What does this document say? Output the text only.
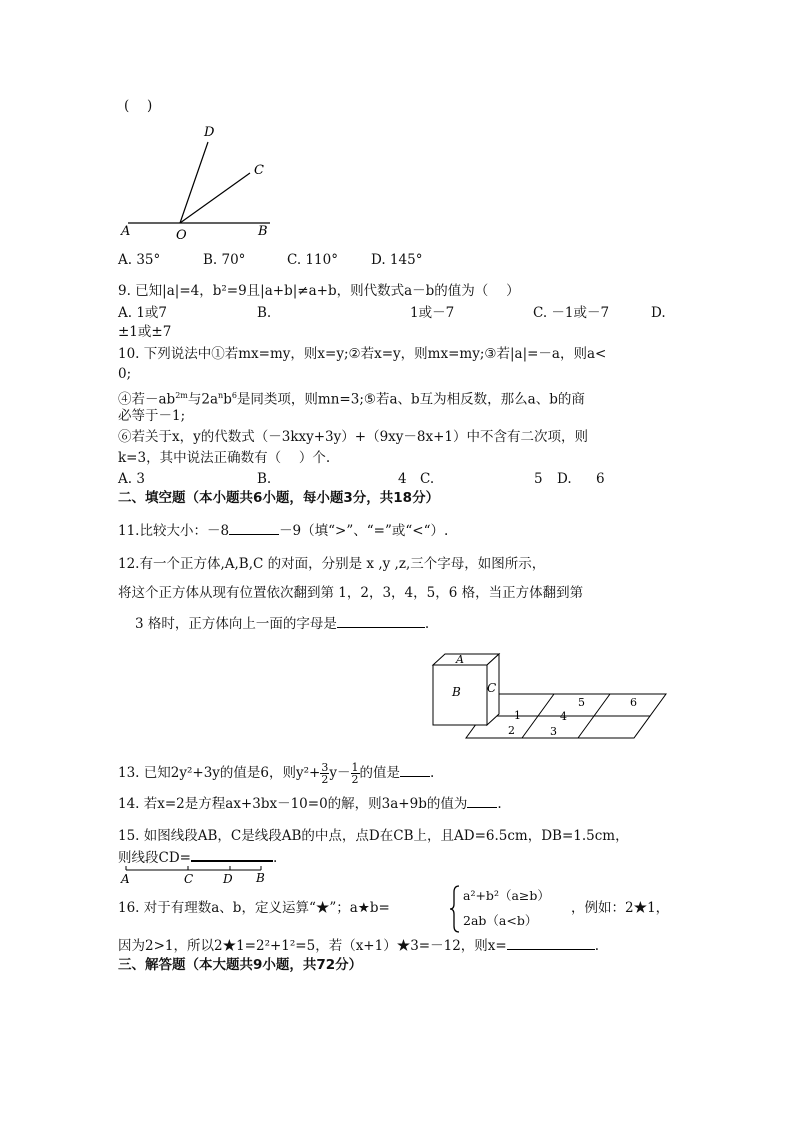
(　 )
D
C
A	O	B
A. 35°	B. 70°	C. 110° D. 145°
9. 已知|a|=4，b²=9且|a+b|≠a+b，则代数式a－b的值为（　 ）
A. 1或7	B.	1或－7	C. －1或－7	D.
±1或±7
10. 下列说法中①若mx=my，则x=y;②若x=y，则mx=my;③若|a|=－a，则a<
0;
④若$-ab^{2m}$与$2a^nb^6$是同类项，则mn=3;⑤若a、b互为相反数，那么a、b的商
必等于－1;
⑥若关于x，y的代数式（－3kxy+3y）+（9xy－8x+1）中不含有二次项，则
k=3，其中说法正确数有（　 ）个.
A. 3	B.	4 C.	5 D. 6
二、填空题（本小题共6小题，每小题3分，共18分）
11.比较大小：－8	－9（填“>”、“=”或“<“）.
12.有一个正方体,A,B,C 的对面，分别是 x ,y ,z,三个字母，如图所示，
将这个正方体从现有位置依次翻到第 1，2，3，4，5，6 格，当正方体翻到第
3 格时，正方体向上一面的字母是	.
A
B C
1
2	3
4
5	6
13. 已知2y²+3y的值是6，则$y^2+ \frac{3}{2} y- \frac{1}{2}$ 的值是 .
14. 若x=2是方程ax+3bx－10=0的解，则3a+9b的值为 .
15. 如图线段AB，C是线段AB的中点，点D在CB上，且AD=6.5cm，DB=1.5cm，
则线段CD=	.
A	C D B
16. 对于有理数a、b，定义运算“★”；a★b=
a²+b²（a≥b）
2ab（a<b）
，例如：2★1，
因为2>1，所以2★1=2²+1²=5，若（x+1）★3=－12，则x=	.
三、解答题（本大题共9小题，共72分）
